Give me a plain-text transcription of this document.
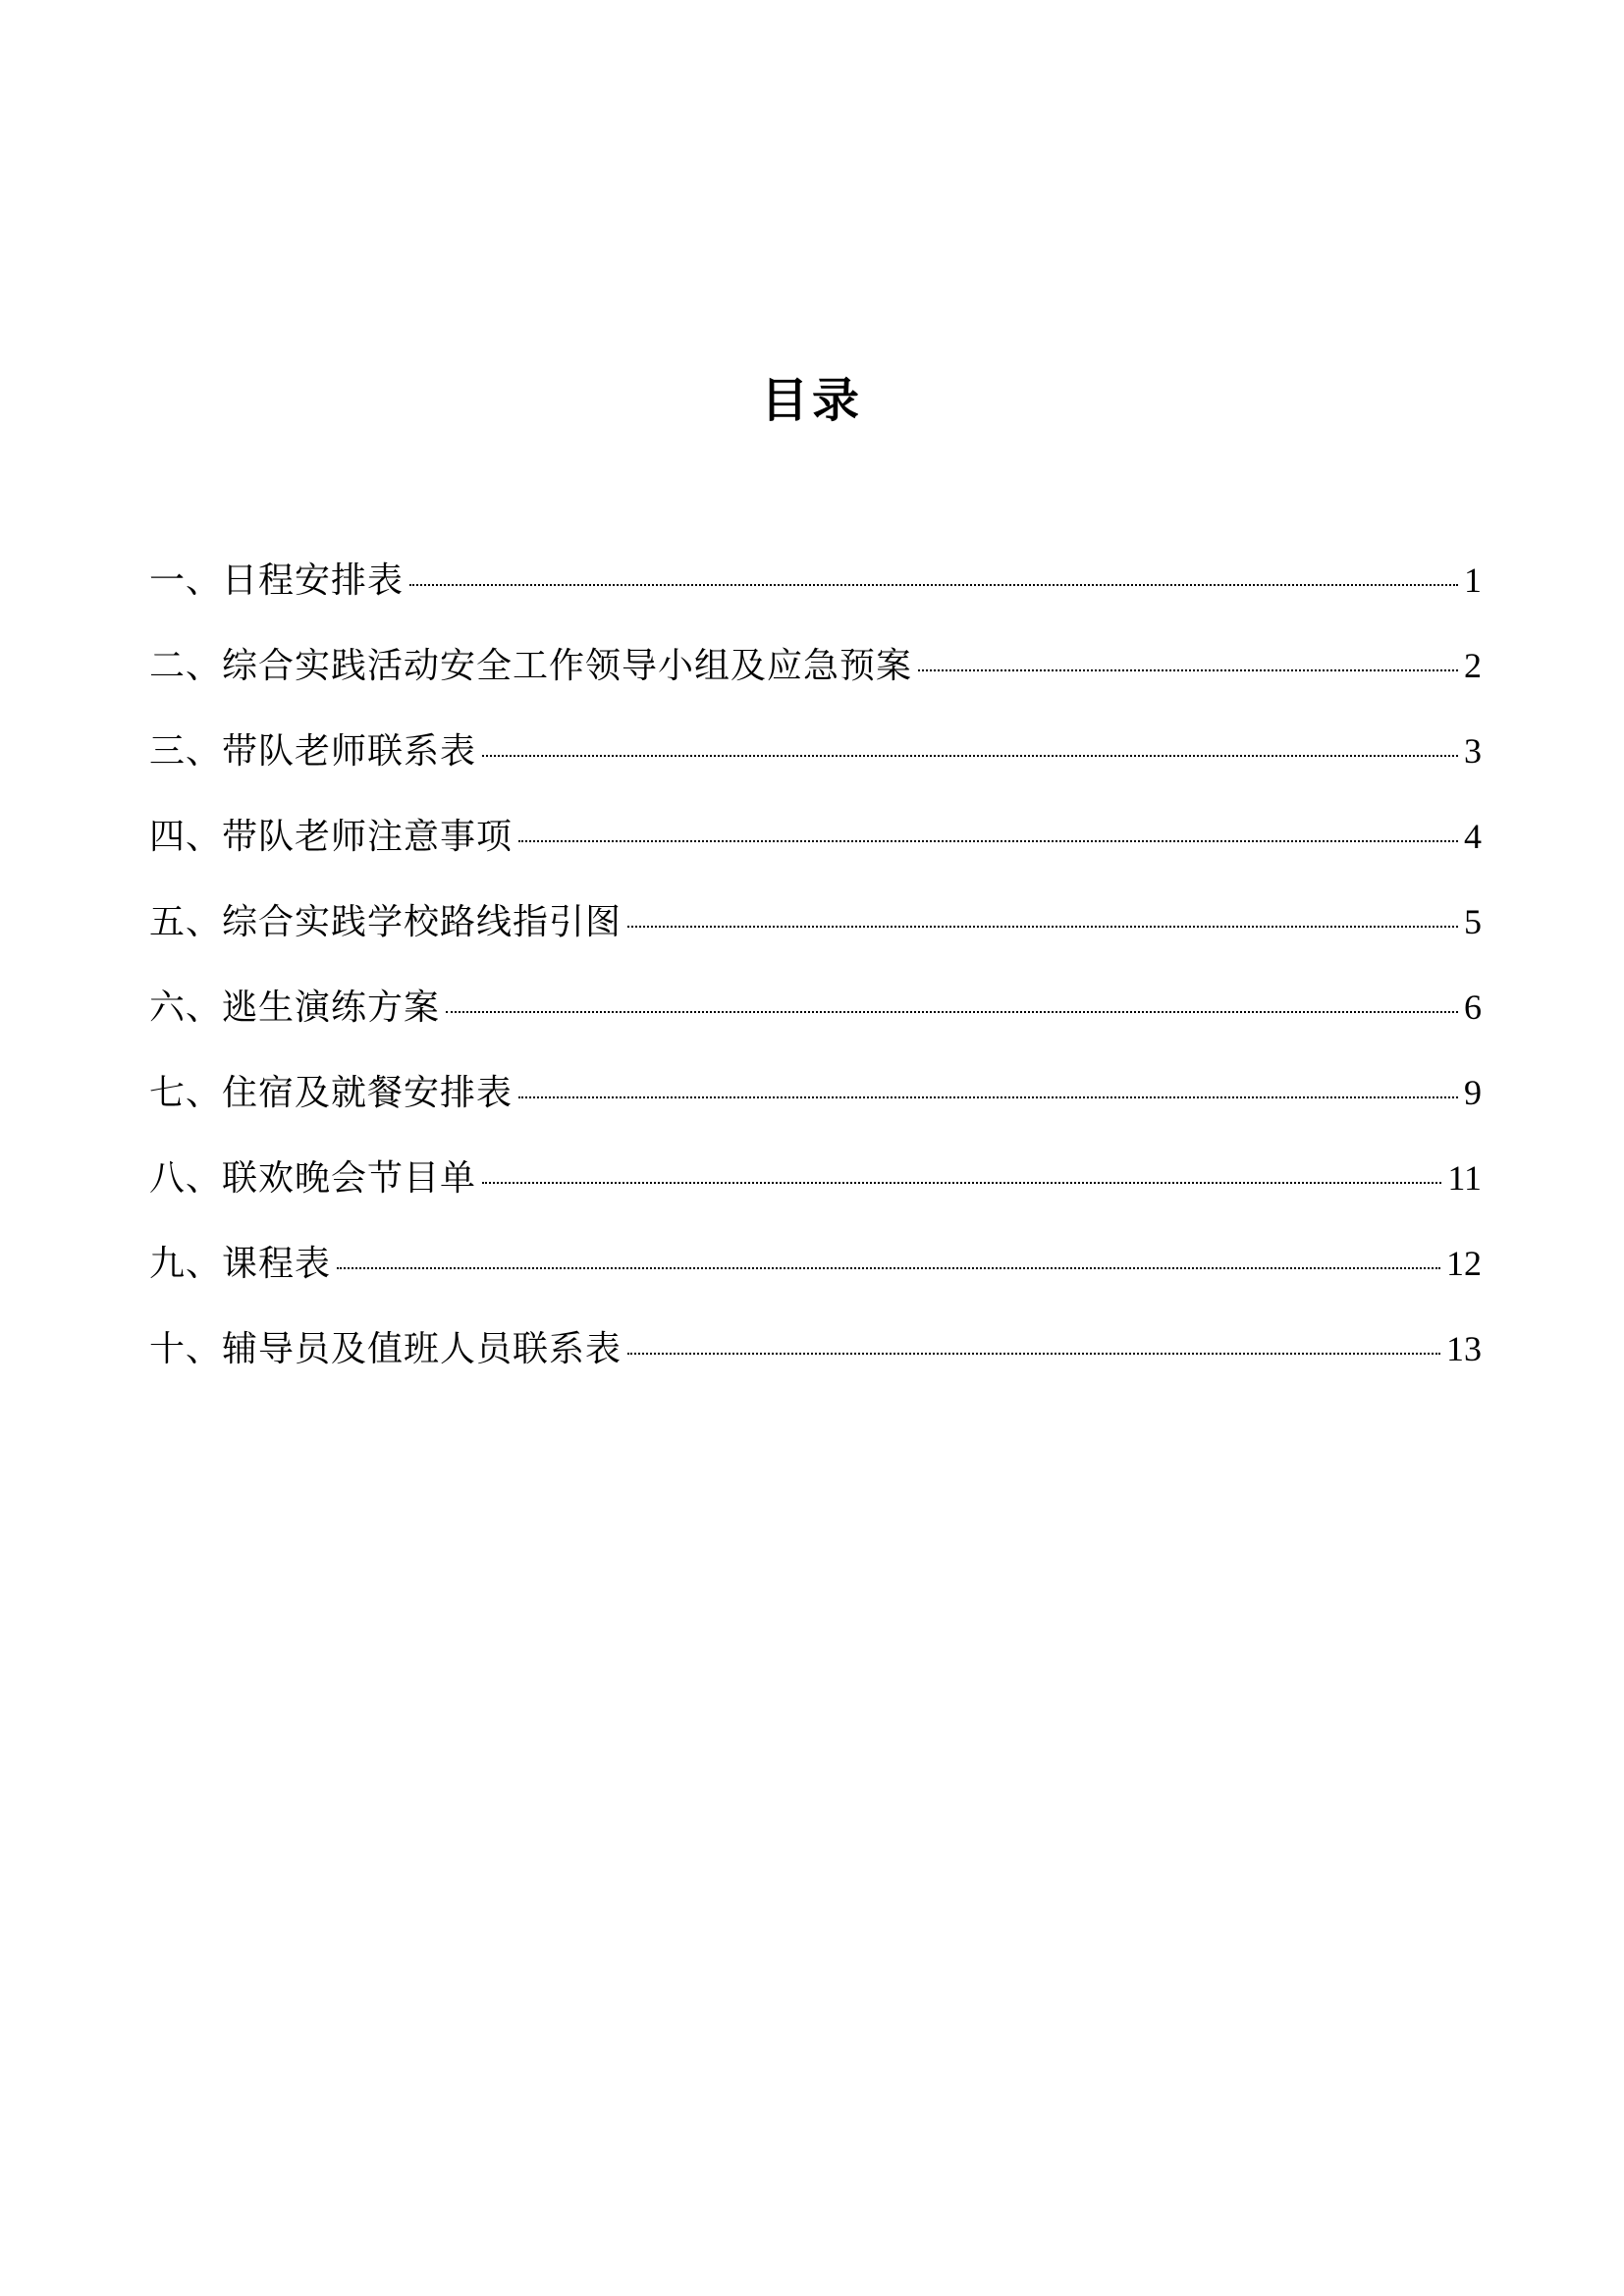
目录
一、日程安排表	1
二、综合实践活动安全工作领导小组及应急预案	2
三、带队老师联系表	3
四、带队老师注意事项	4
五、综合实践学校路线指引图	5
六、逃生演练方案	6
七、住宿及就餐安排表	9
八、联欢晚会节目单	11
九、课程表	12
十、辅导员及值班人员联系表	13
